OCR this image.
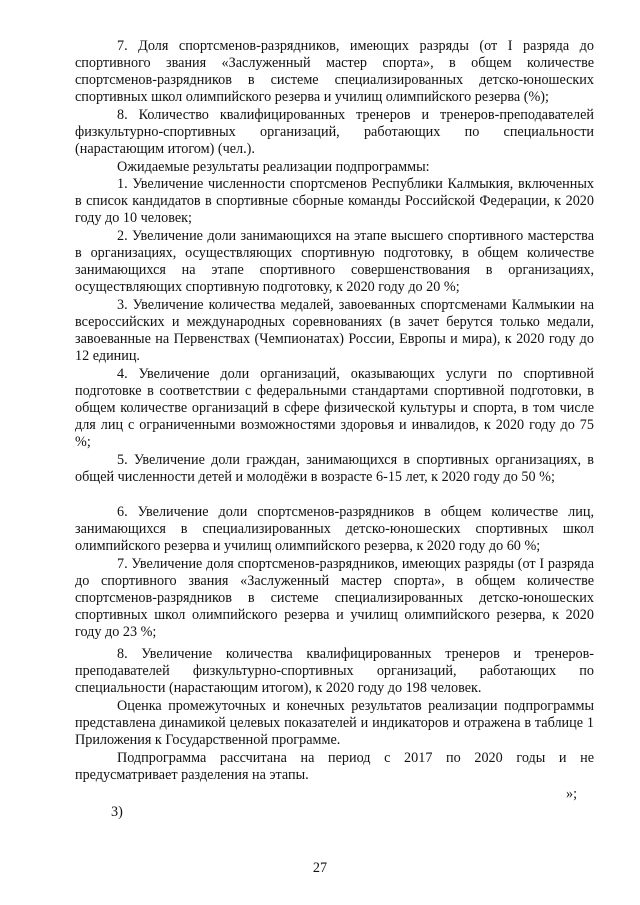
7. Доля спортсменов-разрядников, имеющих разряды (от I разряда до спортивного звания «Заслуженный мастер спорта», в общем количестве спортсменов-разрядников в системе специализированных детско-юношеских спортивных школ олимпийского резерва и училищ олимпийского резерва (%);

8. Количество квалифицированных тренеров и тренеров-преподавателей физкультурно-спортивных организаций, работающих по специальности (нарастающим итогом) (чел.).

Ожидаемые результаты реализации подпрограммы:

1. Увеличение численности спортсменов Республики Калмыкия, включенных в список кандидатов в спортивные сборные команды Российской Федерации, к 2020 году до 10 человек;

2. Увеличение доли занимающихся на этапе высшего спортивного мастерства в организациях, осуществляющих спортивную подготовку, в общем количестве занимающихся на этапе спортивного совершенствования в организациях, осуществляющих спортивную подготовку, к 2020 году до 20 %;

3. Увеличение количества медалей, завоеванных спортсменами Калмыкии на всероссийских и международных соревнованиях (в зачет берутся только медали, завоеванные на Первенствах (Чемпионатах) России, Европы и мира), к 2020 году до 12 единиц.

4. Увеличение доли организаций, оказывающих услуги по спортивной подготовке в соответствии с федеральными стандартами спортивной подготовки, в общем количестве организаций в сфере физической культуры и спорта, в том числе для лиц с ограниченными возможностями здоровья и инвалидов, к 2020 году до 75 %;

5. Увеличение доли граждан, занимающихся в спортивных организациях, в общей численности детей и молодёжи в возрасте 6-15 лет, к 2020 году до 50 %;

6. Увеличение доли спортсменов-разрядников в общем количестве лиц, занимающихся в специализированных детско-юношеских спортивных школ олимпийского резерва и училищ олимпийского резерва, к 2020 году до 60 %;

7. Увеличение доля спортсменов-разрядников, имеющих разряды (от I разряда до спортивного звания «Заслуженный мастер спорта», в общем количестве спортсменов-разрядников в системе специализированных детско-юношеских спортивных школ олимпийского резерва и училищ олимпийского резерва, к 2020 году до 23 %;

8. Увеличение количества квалифицированных тренеров и тренеров-преподавателей физкультурно-спортивных организаций, работающих по специальности (нарастающим итогом), к 2020 году до 198 человек.

Оценка промежуточных и конечных результатов реализации подпрограммы представлена динамикой целевых показателей и индикаторов и отражена в таблице 1 Приложения к Государственной программе.

Подпрограмма рассчитана на период с 2017 по 2020 годы и не предусматривает разделения на этапы.

»;
3)
27
